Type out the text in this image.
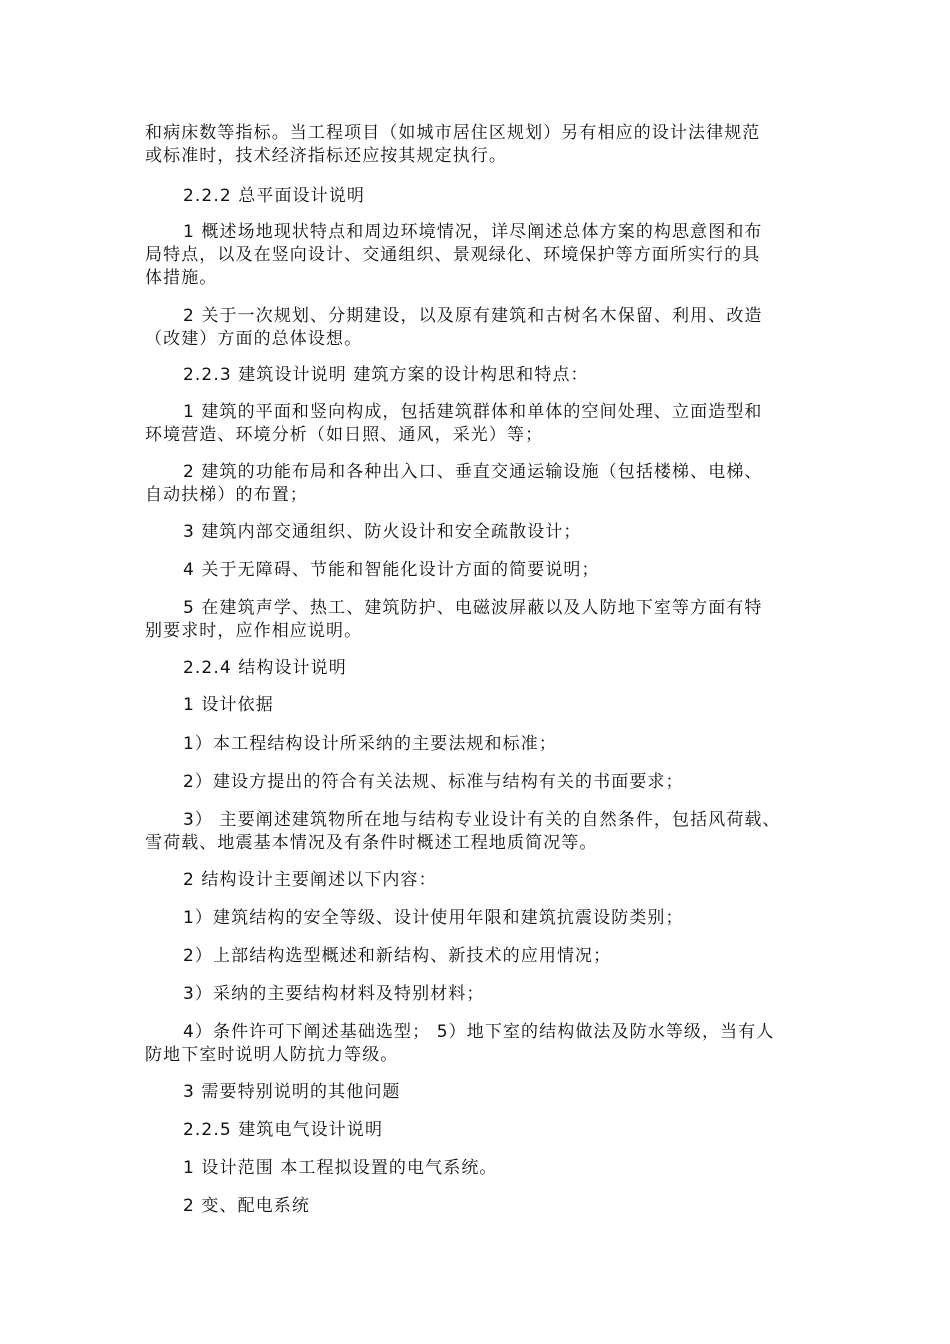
和病床数等指标。当工程项目（如城市居住区规划）另有相应的设计法律规范
或标准时，技术经济指标还应按其规定执行。
2.2.2 总平面设计说明
1 概述场地现状特点和周边环境情况，详尽阐述总体方案的构思意图和布
局特点，以及在竖向设计、交通组织、景观绿化、环境保护等方面所实行的具
体措施。
2 关于一次规划、分期建设，以及原有建筑和古树名木保留、利用、改造
（改建）方面的总体设想。
2.2.3 建筑设计说明 建筑方案的设计构思和特点：
1 建筑的平面和竖向构成，包括建筑群体和单体的空间处理、立面造型和
环境营造、环境分析（如日照、通风，采光）等；
2 建筑的功能布局和各种出入口、垂直交通运输设施（包括楼梯、电梯、
自动扶梯）的布置；
3 建筑内部交通组织、防火设计和安全疏散设计；
4 关于无障碍、节能和智能化设计方面的简要说明；
5 在建筑声学、热工、建筑防护、电磁波屏蔽以及人防地下室等方面有特
别要求时，应作相应说明。
2.2.4 结构设计说明
1 设计依据
1）本工程结构设计所采纳的主要法规和标准；
2）建设方提出的符合有关法规、标准与结构有关的书面要求；
3） 主要阐述建筑物所在地与结构专业设计有关的自然条件，包括风荷载、
雪荷载、地震基本情况及有条件时概述工程地质简况等。
2 结构设计主要阐述以下内容：
1）建筑结构的安全等级、设计使用年限和建筑抗震设防类别；
2）上部结构选型概述和新结构、新技术的应用情况；
3）采纳的主要结构材料及特别材料；
4）条件许可下阐述基础选型； 5）地下室的结构做法及防水等级，当有人
防地下室时说明人防抗力等级。
3 需要特别说明的其他问题
2.2.5 建筑电气设计说明
1 设计范围 本工程拟设置的电气系统。
2 变、配电系统
